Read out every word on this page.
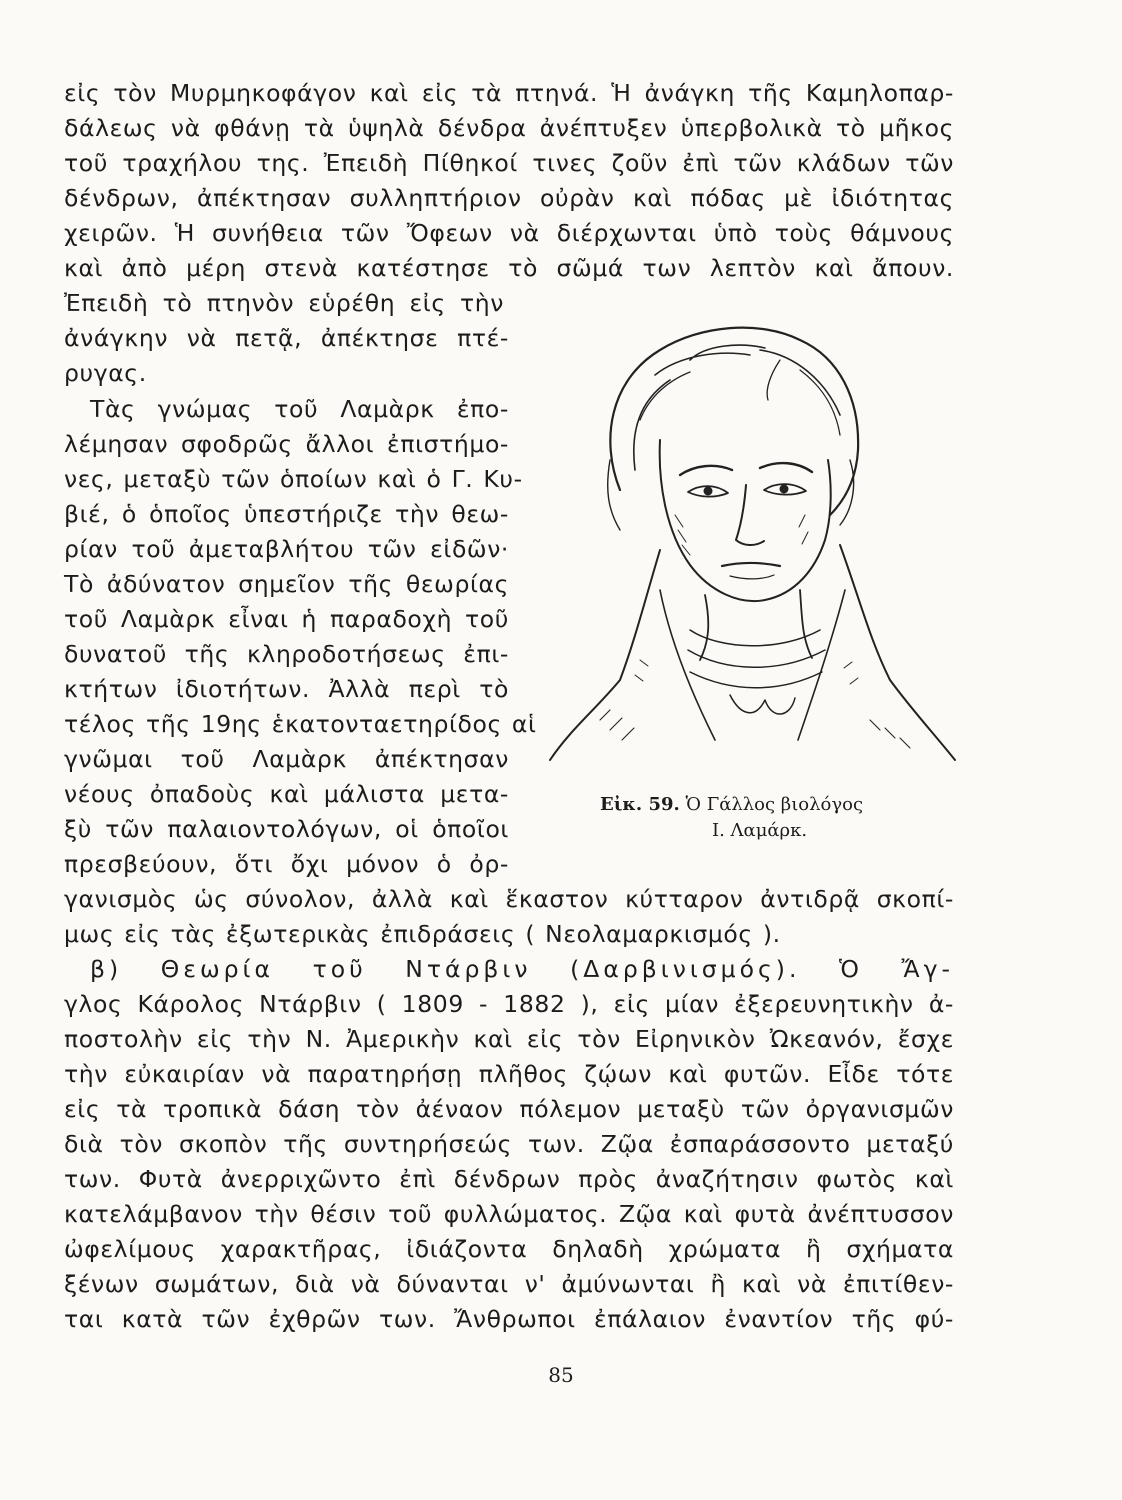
εἰς τὸν Μυρμηκοφάγον καὶ εἰς τὰ πτηνά. Ἡ ἀνάγκη τῆς Καμηλοπαρ-
δάλεως νὰ φθάνῃ τὰ ὑψηλὰ δένδρα ἀνέπτυξεν ὑπερβολικὰ τὸ μῆκος
τοῦ τραχήλου της. Ἐπειδὴ Πίθηκοί τινες ζοῦν ἐπὶ τῶν κλάδων τῶν
δένδρων, ἀπέκτησαν συλληπτήριον οὐρὰν καὶ πόδας μὲ ἰδιότητας
χειρῶν. Ἡ συνήθεια τῶν Ὄφεων νὰ διέρχωνται ὑπὸ τοὺς θάμνους
καὶ ἀπὸ μέρη στενὰ κατέστησε τὸ σῶμά των λεπτὸν καὶ ἄπουν.
Ἐπειδὴ τὸ πτηνὸν εὑρέθη εἰς τὴν
ἀνάγκην νὰ πετᾷ, ἀπέκτησε πτέ-
ρυγας.
Τὰς γνώμας τοῦ Λαμὰρκ ἐπο-
λέμησαν σφοδρῶς ἄλλοι ἐπιστήμο-
νες, μεταξὺ τῶν ὁποίων καὶ ὁ Γ. Κυ-
βιέ, ὁ ὁποῖος ὑπεστήριζε τὴν θεω-
ρίαν τοῦ ἀμεταβλήτου τῶν εἰδῶν·
Τὸ ἀδύνατον σημεῖον τῆς θεωρίας
τοῦ Λαμὰρκ εἶναι ἡ παραδοχὴ τοῦ
δυνατοῦ τῆς κληροδοτήσεως ἐπι-
κτήτων ἰδιοτήτων. Ἀλλὰ περὶ τὸ
τέλος τῆς 19ης ἑκατονταετηρίδος αἱ
γνῶμαι τοῦ Λαμὰρκ ἀπέκτησαν
νέους ὀπαδοὺς καὶ μάλιστα μετα-
ξὺ τῶν παλαιοντολόγων, οἱ ὁποῖοι
πρεσβεύουν, ὅτι ὄχι μόνον ὁ ὀρ-
γανισμὸς ὡς σύνολον, ἀλλὰ καὶ ἕκαστον κύτταρον ἀντιδρᾷ σκοπί-
μως εἰς τὰς ἐξωτερικὰς ἐπιδράσεις ( Νεολαμαρκισμός ).
β) Θεωρία τοῦ Ντάρβιν (Δαρβινισμός). Ὁ Ἄγ-
γλος Κάρολος Ντάρβιν ( 1809 - 1882 ), εἰς μίαν ἐξερευνητικὴν ἀ-
ποστολὴν εἰς τὴν Ν. Ἀμερικὴν καὶ εἰς τὸν Εἰρηνικὸν Ὠκεανόν, ἔσχε
τὴν εὐκαιρίαν νὰ παρατηρήσῃ πλῆθος ζῴων καὶ φυτῶν. Εἶδε τότε
εἰς τὰ τροπικὰ δάση τὸν ἀέναον πόλεμον μεταξὺ τῶν ὀργανισμῶν
διὰ τὸν σκοπὸν τῆς συντηρήσεώς των. Ζῷα ἐσπαράσσοντο μεταξύ
των. Φυτὰ ἀνερριχῶντο ἐπὶ δένδρων πρὸς ἀναζήτησιν φωτὸς καὶ
κατελάμβανον τὴν θέσιν τοῦ φυλλώματος. Ζῷα καὶ φυτὰ ἀνέπτυσσον
ὠφελίμους χαρακτῆρας, ἰδιάζοντα δηλαδὴ χρώματα ἢ σχήματα
ξένων σωμάτων, διὰ νὰ δύνανται ν' ἀμύνωνται ἢ καὶ νὰ ἐπιτίθεν-
ται κατὰ τῶν ἐχθρῶν των. Ἄνθρωποι ἐπάλαιον ἐναντίον τῆς φύ-
Εἰκ. 59. Ὁ Γάλλος βιολόγος
Ι. Λαμάρκ.
85
